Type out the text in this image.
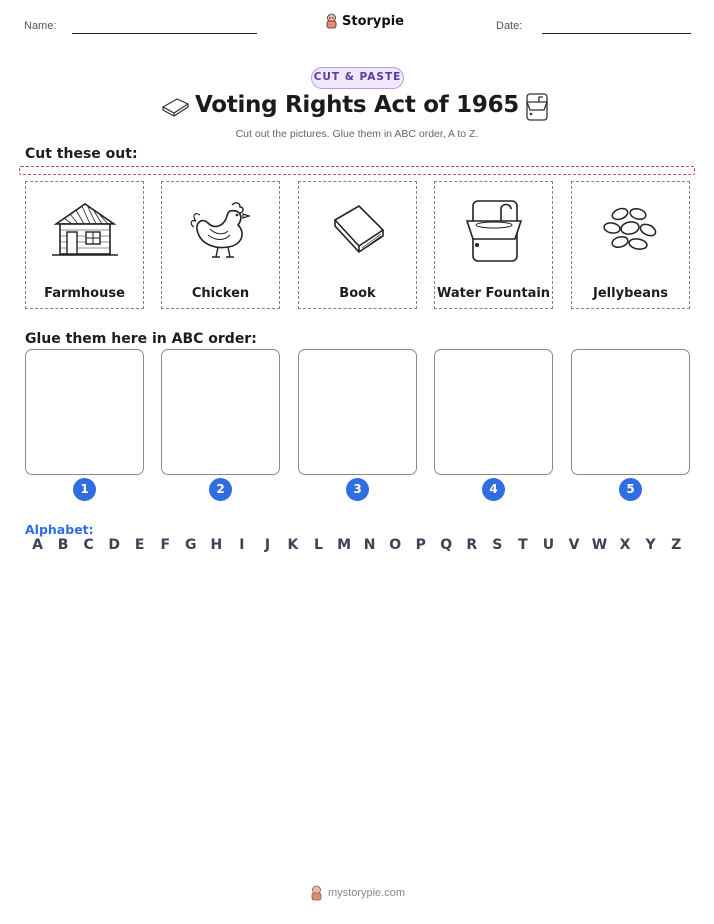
Name:	Storypie	Date:
CUT & PASTE
Voting Rights Act of 1965
Cut out the pictures. Glue them in ABC order, A to Z.
Cut these out:
Farmhouse	Chicken	Book	Water Fountain	Jellybeans
Glue them here in ABC order:
1	2	3	4	5
Alphabet:
A	B	C	D	E	F	G H	I	J	K	L	M N O	P	Q	R	S	T	U	V W X	Y	Z
mystorypie.com
